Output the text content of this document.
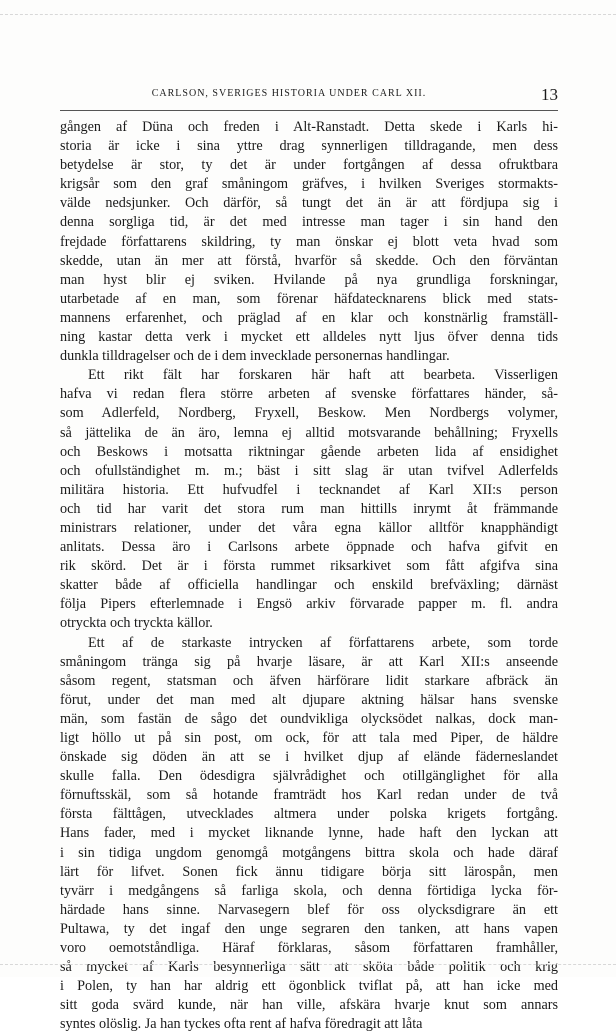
CARLSON, SVERIGES HISTORIA UNDER CARL XII.	13
gången af Düna och freden i Alt-Ranstadt. Detta skede i Karls hi-
storia är icke i sina yttre drag synnerligen tilldragande, men dess
betydelse är stor, ty det är under fortgången af dessa ofruktbara
krigsår som den graf småningom gräfves, i hvilken Sveriges stormakts-
välde nedsjunker. Och därför, så tungt det än är att fördjupa sig i
denna sorgliga tid, är det med intresse man tager i sin hand den
frejdade författarens skildring, ty man önskar ej blott veta hvad som
skedde, utan än mer att förstå, hvarför så skedde. Och den förväntan
man hyst blir ej sviken. Hvilande på nya grundliga forskningar,
utarbetade af en man, som förenar häfdatecknarens blick med stats-
mannens erfarenhet, och präglad af en klar och konstnärlig framställ-
ning kastar detta verk i mycket ett alldeles nytt ljus öfver denna tids
dunkla tilldragelser och de i dem invecklade personernas handlingar.
Ett rikt fält har forskaren här haft att bearbeta. Visserligen
hafva vi redan flera större arbeten af svenske författares händer, så-
som Adlerfeld, Nordberg, Fryxell, Beskow. Men Nordbergs volymer,
så jättelika de än äro, lemna ej alltid motsvarande behållning; Fryxells
och Beskows i motsatta riktningar gående arbeten lida af ensidighet
och ofullständighet m. m.; bäst i sitt slag är utan tvifvel Adlerfelds
militära historia. Ett hufvudfel i tecknandet af Karl XII:s person
och tid har varit det stora rum man hittills inrymt åt främmande
ministrars relationer, under det våra egna källor alltför knapphändigt
anlitats. Dessa äro i Carlsons arbete öppnade och hafva gifvit en
rik skörd. Det är i första rummet riksarkivet som fått afgifva sina
skatter både af officiella handlingar och enskild brefväxling; därnäst
följa Pipers efterlemnade i Engsö arkiv förvarade papper m. fl. andra
otryckta och tryckta källor.
Ett af de starkaste intrycken af författarens arbete, som torde
småningom tränga sig på hvarje läsare, är att Karl XII:s anseende
såsom regent, statsman och äfven härförare lidit starkare afbräck än
förut, under det man med alt djupare aktning hälsar hans svenske
män, som fastän de sågo det oundvikliga olycksödet nalkas, dock man-
ligt höllo ut på sin post, om ock, för att tala med Piper, de häldre
önskade sig döden än att se i hvilket djup af elände fäderneslandet
skulle falla. Den ödesdigra självrådighet och otillgänglighet för alla
förnuftsskäl, som så hotande framträdt hos Karl redan under de två
första fälttågen, utvecklades altmera under polska krigets fortgång.
Hans fader, med i mycket liknande lynne, hade haft den lyckan att
i sin tidiga ungdom genomgå motgångens bittra skola och hade däraf
lärt för lifvet. Sonen fick ännu tidigare börja sitt lärospån, men
tyvärr i medgångens så farliga skola, och denna förtidiga lycka för-
härdade hans sinne. Narvasegern blef för oss olycksdigrare än ett
Pultawa, ty det ingaf den unge segraren den tanken, att hans vapen
voro oemotståndliga. Häraf förklaras, såsom författaren framhåller,
så mycket af Karls besynnerliga sätt att sköta både politik och krig
i Polen, ty han har aldrig ett ögonblick tviflat på, att han icke med
sitt goda svärd kunde, när han ville, afskära hvarje knut som annars
syntes olöslig. Ja han tyckes ofta rent af hafva föredragit att låta
